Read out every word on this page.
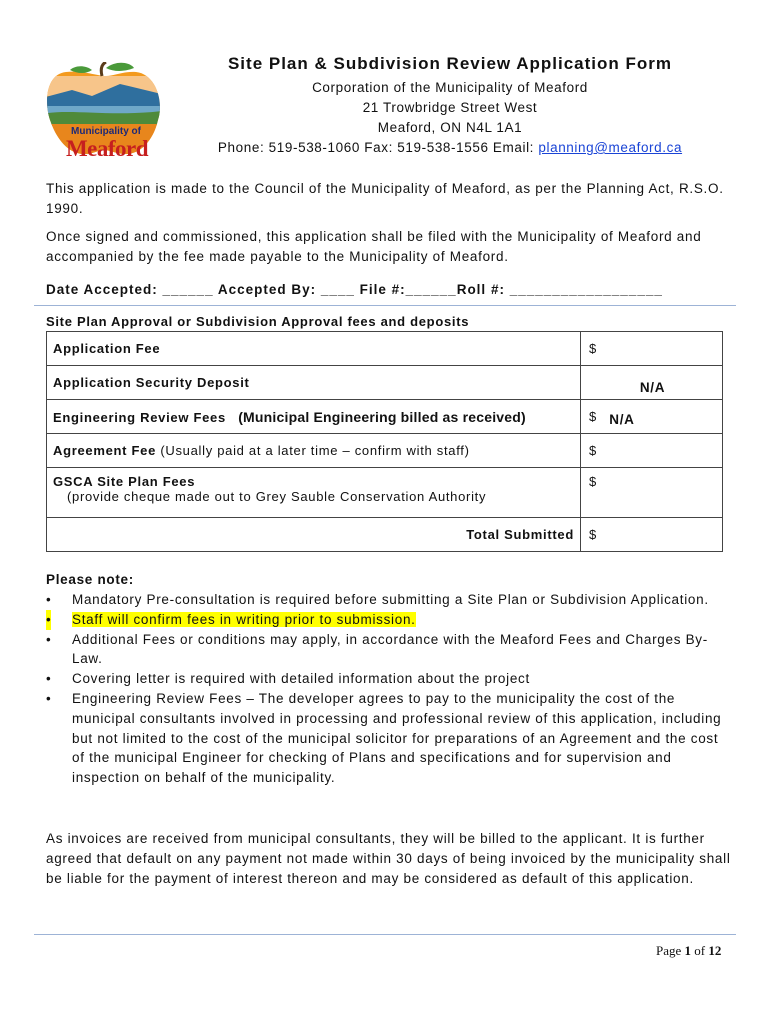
Municipality of
Meaford
Site Plan & Subdivision Review Application Form
Corporation of the Municipality of Meaford
21 Trowbridge Street West
Meaford, ON N4L 1A1
Phone: 519-538-1060 Fax: 519-538-1556 Email: planning@meaford.ca
This application is made to the Council of the Municipality of Meaford, as per the Planning Act, R.S.O. 1990.
Once signed and commissioned, this application shall be filed with the Municipality of Meaford and accompanied by the fee made payable to the Municipality of Meaford.
Date Accepted: ______ Accepted By: ____ File #:______Roll #: __________________
Site Plan Approval or Subdivision Approval fees and deposits
Application Fee	$
Application Security Deposit	N/A
Engineering Review Fees (Municipal Engineering billed as received)	$ N/A
Agreement Fee (Usually paid at a later time – confirm with staff)	$

GSCA Site Plan Fees
(provide cheque made out to Grey Sauble Conservation Authority	$
Total Submitted	$
Please note:
• Mandatory Pre-consultation is required before submitting a Site Plan or Subdivision Application.
• Staff will confirm fees in writing prior to submission.
• Additional Fees or conditions may apply, in accordance with the Meaford Fees and Charges By-Law.
• Covering letter is required with detailed information about the project
• Engineering Review Fees – The developer agrees to pay to the municipality the cost of the municipal consultants involved in processing and professional review of this application, including but not limited to the cost of the municipal solicitor for preparations of an Agreement and the cost of the municipal Engineer for checking of Plans and specifications and for supervision and inspection on behalf of the municipality.
As invoices are received from municipal consultants, they will be billed to the applicant. It is further agreed that default on any payment not made within 30 days of being invoiced by the municipality shall be liable for the payment of interest thereon and may be considered as default of this application.
Page 1 of 12
